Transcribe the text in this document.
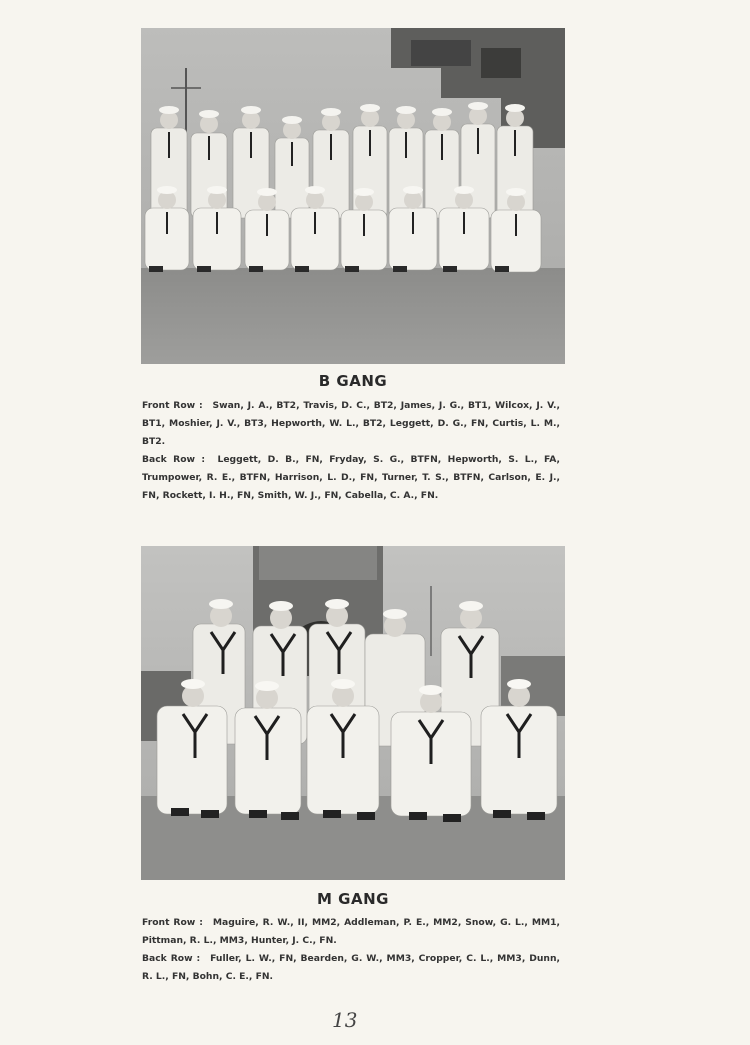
B GANG

Front Row : Swan, J. A., BT2, Travis, D. C., BT2, James, J. G., BT1, Wilcox, J. V., BT1, Moshier, J. V., BT3, Hepworth, W. L., BT2, Leggett, D. G., FN, Curtis, L. M., BT2.

Back Row : Leggett, D. B., FN, Fryday, S. G., BTFN, Hepworth, S. L., FA, Trumpower, R. E., BTFN, Harrison, L. D., FN, Turner, T. S., BTFN, Carlson, E. J., FN, Rockett, I. H., FN, Smith, W. J., FN, Cabella, C. A., FN.

M GANG

Front Row : Maguire, R. W., II, MM2, Addleman, P. E., MM2, Snow, G. L., MM1, Pittman, R. L., MM3, Hunter, J. C., FN.

Back Row : Fuller, L. W., FN, Bearden, G. W., MM3, Cropper, C. L., MM3, Dunn, R. L., FN, Bohn, C. E., FN.

13
